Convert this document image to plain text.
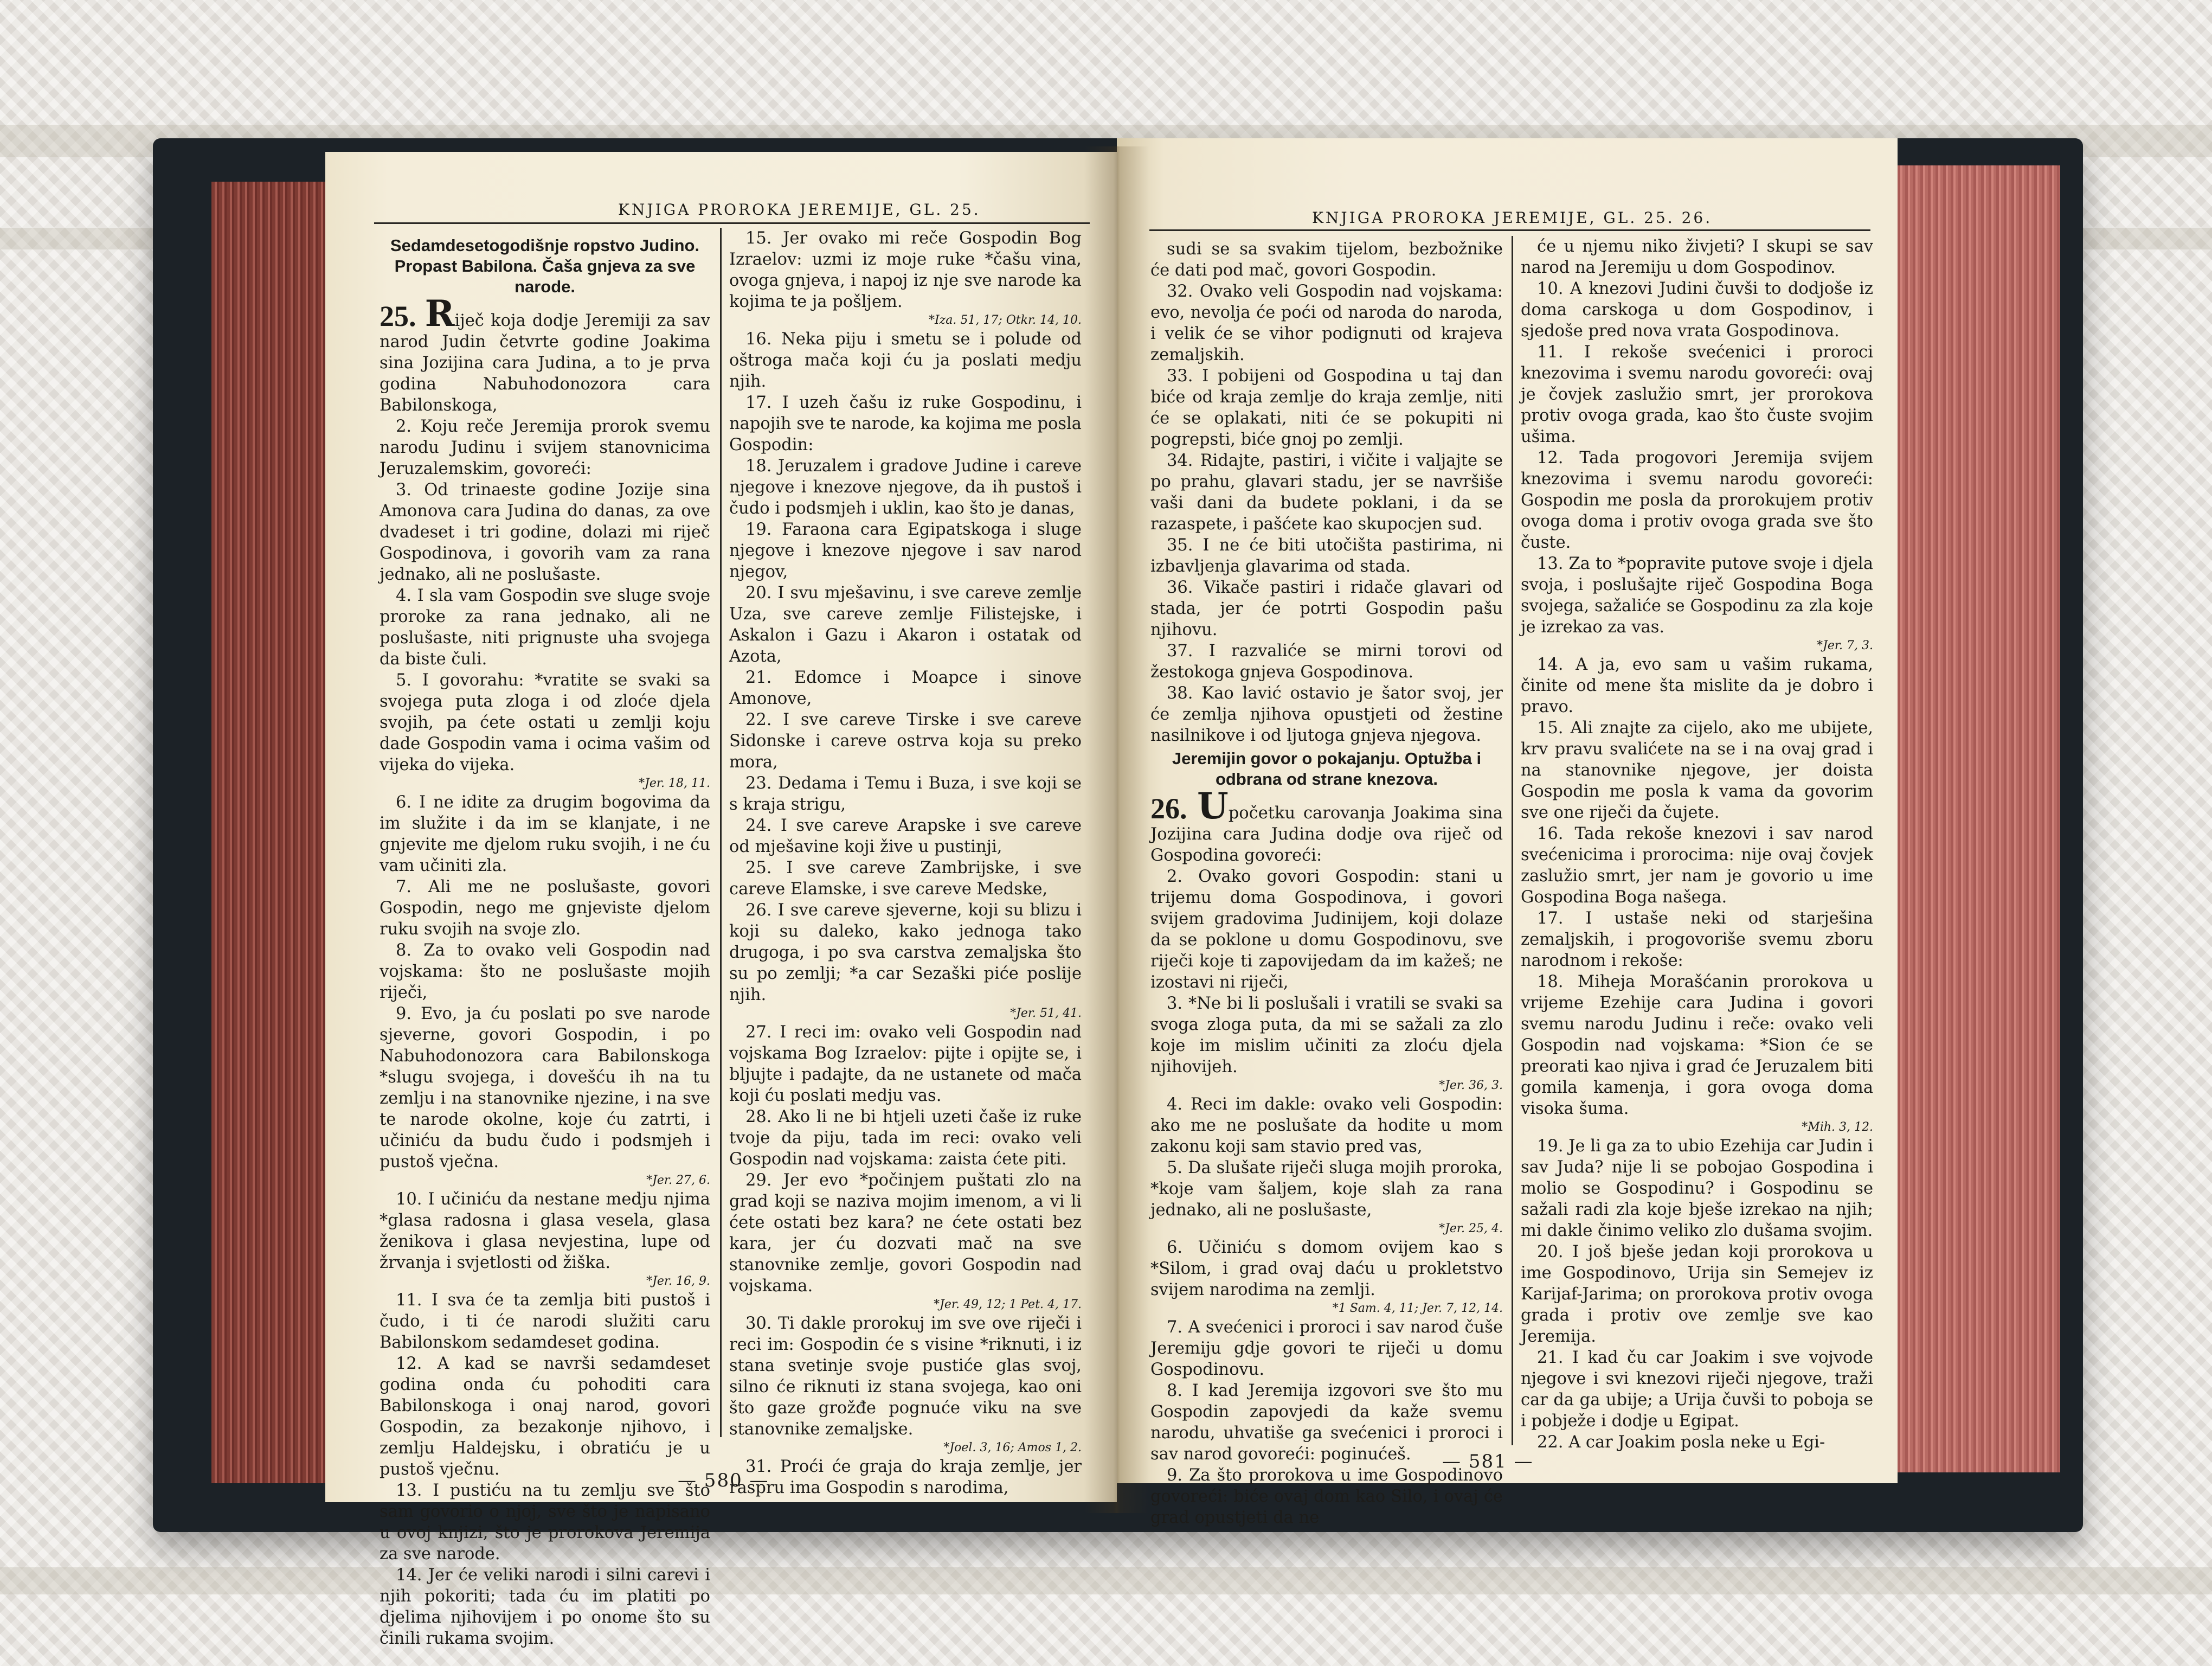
KNJIGA PROROKA JEREMIJE, GL. 25.

Sedamdesetogodišnje ropstvo Judino. Propast Babilona. Čaša gnjeva za sve narode.

25. Riječ koja dodje Jeremiji za sav narod Judin četvrte godine Joakima sina Jozijina cara Judina, a to je prva godina Nabuhodonozora cara Babilonskoga,

2. Koju reče Jeremija prorok svemu narodu Judinu i svijem stanovnicima Jeruzalemskim, govoreći:

3. Od trinaeste godine Jozije sina Amonova cara Judina do danas, za ove dvadeset i tri godine, dolazi mi riječ Gospodinova, i govorih vam za rana jednako, ali ne poslušaste.

4. I sla vam Gospodin sve sluge svoje proroke za rana jednako, ali ne poslušaste, niti prignuste uha svojega da biste čuli.

5. I govorahu: *vratite se svaki sa svojega puta zloga i od zloće djela svojih, pa ćete ostati u zemlji koju dade Gospodin vama i ocima vašim od vijeka do vijeka.

*Jer. 18, 11.

6. I ne idite za drugim bogovima da im služite i da im se klanjate, i ne gnjevite me djelom ruku svojih, i ne ću vam učiniti zla.

7. Ali me ne poslušaste, govori Gospodin, nego me gnjeviste djelom ruku svojih na svoje zlo.

8. Za to ovako veli Gospodin nad vojskama: što ne poslušaste mojih riječi,

9. Evo, ja ću poslati po sve narode sjeverne, govori Gospodin, i po Nabuhodonozora cara Babilonskoga *slugu svojega, i dovešću ih na tu zemlju i na stanovnike njezine, i na sve te narode okolne, koje ću zatrti, i učiniću da budu čudo i podsmjeh i pustoš vječna.

*Jer. 27, 6.

10. I učiniću da nestane medju njima *glasa radosna i glasa vesela, glasa ženikova i glasa nevjestina, lupe od žrvanja i svjetlosti od žiška.

*Jer. 16, 9.

11. I sva će ta zemlja biti pustoš i čudo, i ti će narodi služiti caru Babilonskom sedamdeset godina.

12. A kad se navrši sedamdeset godina onda ću pohoditi cara Babilonskoga i onaj narod, govori Gospodin, za bezakonje njihovo, i zemlju Haldejsku, i obratiću je u pustoš vječnu.

13. I pustiću na tu zemlju sve što sam govorio o njoj, sve što je napisano u ovoj knjizi, što je prorokova Jeremija za sve narode.

14. Jer će veliki narodi i silni carevi i njih pokoriti; tada ću im platiti po djelima njihovijem i po onome što su činili rukama svojim.

15. Jer ovako mi reče Gospodin Bog Izraelov: uzmi iz moje ruke *čašu vina, ovoga gnjeva, i napoj iz nje sve narode ka kojima te ja pošljem.

*Iza. 51, 17; Otkr. 14, 10.

16. Neka piju i smetu se i polude od oštroga mača koji ću ja poslati medju njih.

17. I uzeh čašu iz ruke Gospodinu, i napojih sve te narode, ka kojima me posla Gospodin:

18. Jeruzalem i gradove Judine i careve njegove i knezove njegove, da ih pustoš i čudo i podsmjeh i uklin, kao što je danas,

19. Faraona cara Egipatskoga i sluge njegove i knezove njegove i sav narod njegov,

20. I svu mješavinu, i sve careve zemlje Uza, sve careve zemlje Filistejske, i Askalon i Gazu i Akaron i ostatak od Azota,

21. Edomce i Moapce i sinove Amonove,

22. I sve careve Tirske i sve careve Sidonske i careve ostrva koja su preko mora,

23. Dedama i Temu i Buza, i sve koji se s kraja strigu,

24. I sve careve Arapske i sve careve od mješavine koji žive u pustinji,

25. I sve careve Zambrijske, i sve careve Elamske, i sve careve Medske,

26. I sve careve sjeverne, koji su blizu i koji su daleko, kako jednoga tako drugoga, i po sva carstva zemaljska što su po zemlji; *a car Sezaški piće poslije njih.

*Jer. 51, 41.

27. I reci im: ovako veli Gospodin nad vojskama Bog Izraelov: pijte i opijte se, i bljujte i padajte, da ne ustanete od mača koji ću poslati medju vas.

28. Ako li ne bi htjeli uzeti čaše iz ruke tvoje da piju, tada im reci: ovako veli Gospodin nad vojskama: zaista ćete piti.

29. Jer evo *počinjem puštati zlo na grad koji se naziva mojim imenom, a vi li ćete ostati bez kara? ne ćete ostati bez kara, jer ću dozvati mač na sve stanovnike zemlje, govori Gospodin nad vojskama.

*Jer. 49, 12; 1 Pet. 4, 17.

30. Ti dakle prorokuj im sve ove riječi i reci im: Gospodin će s visine *riknuti, i iz stana svetinje svoje pustiće glas svoj, silno će riknuti iz stana svojega, kao oni što gaze grožđe pognuće viku na sve stanovnike zemaljske.

*Joel. 3, 16; Amos 1, 2.

31. Proći će graja do kraja zemlje, jer raspru ima Gospodin s narodima,

— 580 —
KNJIGA PROROKA JEREMIJE, GL. 25. 26.

sudi se sa svakim tijelom, bezbožnike će dati pod mač, govori Gospodin.

32. Ovako veli Gospodin nad vojskama: evo, nevolja će poći od naroda do naroda, i velik će se vihor podignuti od krajeva zemaljskih.

33. I pobijeni od Gospodina u taj dan biće od kraja zemlje do kraja zemlje, niti će se oplakati, niti će se pokupiti ni pogrepsti, biće gnoj po zemlji.

34. Ridajte, pastiri, i vičite i valjajte se po prahu, glavari stadu, jer se navršiše vaši dani da budete poklani, i da se razaspete, i pašćete kao skupocjen sud.

35. I ne će biti utočišta pastirima, ni izbavljenja glavarima od stada.

36. Vikače pastiri i ridače glavari od stada, jer će potrti Gospodin pašu njihovu.

37. I razvaliće se mirni torovi od žestokoga gnjeva Gospodinova.

38. Kao lavić ostavio je šator svoj, jer će zemlja njihova opustjeti od žestine nasilnikove i od ljutoga gnjeva njegova.

Jeremijin govor o pokajanju. Optužba i odbrana od strane knezova.

26. Upočetku carovanja Joakima sina Jozijina cara Judina dodje ova riječ od Gospodina govoreći:

2. Ovako govori Gospodin: stani u trijemu doma Gospodinova, i govori svijem gradovima Judinijem, koji dolaze da se poklone u domu Gospodinovu, sve riječi koje ti zapovijedam da im kažeš; ne izostavi ni riječi,

3. *Ne bi li poslušali i vratili se svaki sa svoga zloga puta, da mi se sažali za zlo koje im mislim učiniti za zloću djela njihovijeh.

*Jer. 36, 3.

4. Reci im dakle: ovako veli Gospodin: ako me ne poslušate da hodite u mom zakonu koji sam stavio pred vas,

5. Da slušate riječi sluga mojih proroka, *koje vam šaljem, koje slah za rana jednako, ali ne poslušaste,

*Jer. 25, 4.

6. Učiniću s domom ovijem kao s *Silom, i grad ovaj daću u prokletstvo svijem narodima na zemlji.

*1 Sam. 4, 11; Jer. 7, 12, 14.

7. A svećenici i proroci i sav narod čuše Jeremiju gdje govori te riječi u domu Gospodinovu.

8. I kad Jeremija izgovori sve što mu Gospodin zapovjedi da kaže svemu narodu, uhvatiše ga svećenici i proroci i sav narod govoreći: poginućeš.

9. Za što prorokova u ime Gospodinovo govoreći: biće ovaj dom kao Silo, i ovaj će grad opustjeti da ne

će u njemu niko živjeti? I skupi se sav narod na Jeremiju u dom Gospodinov.

10. A knezovi Judini čuvši to dodjoše iz doma carskoga u dom Gospodinov, i sjedoše pred nova vrata Gospodinova.

11. I rekoše svećenici i proroci knezovima i svemu narodu govoreći: ovaj je čovjek zaslužio smrt, jer prorokova protiv ovoga grada, kao što čuste svojim ušima.

12. Tada progovori Jeremija svijem knezovima i svemu narodu govoreći: Gospodin me posla da prorokujem protiv ovoga doma i protiv ovoga grada sve što čuste.

13. Za to *popravite putove svoje i djela svoja, i poslušajte riječ Gospodina Boga svojega, sažaliće se Gospodinu za zla koje je izrekao za vas.

*Jer. 7, 3.

14. A ja, evo sam u vašim rukama, činite od mene šta mislite da je dobro i pravo.

15. Ali znajte za cijelo, ako me ubijete, krv pravu svalićete na se i na ovaj grad i na stanovnike njegove, jer doista Gospodin me posla k vama da govorim sve one riječi da čujete.

16. Tada rekoše knezovi i sav narod svećenicima i prorocima: nije ovaj čovjek zaslužio smrt, jer nam je govorio u ime Gospodina Boga našega.

17. I ustaše neki od starješina zemaljskih, i progovoriše svemu zboru narodnom i rekoše:

18. Miheja Morašćanin prorokova u vrijeme Ezehije cara Judina i govori svemu narodu Judinu i reče: ovako veli Gospodin nad vojskama: *Sion će se preorati kao njiva i grad će Jeruzalem biti gomila kamenja, i gora ovoga doma visoka šuma.

*Mih. 3, 12.

19. Je li ga za to ubio Ezehija car Judin i sav Juda? nije li se pobojao Gospodina i molio se Gospodinu? i Gospodinu se sažali radi zla koje bješe izrekao na njih; mi dakle činimo veliko zlo dušama svojim.

20. I još bješe jedan koji prorokova u ime Gospodinovo, Urija sin Semejev iz Karijaf-Jarima; on prorokova protiv ovoga grada i protiv ove zemlje sve kao Jeremija.

21. I kad ču car Joakim i sve vojvode njegove i svi knezovi riječi njegove, traži car da ga ubije; a Urija čuvši to poboja se i pobježe i dodje u Egipat.

22. A car Joakim posla neke u Egi-

— 581 —
